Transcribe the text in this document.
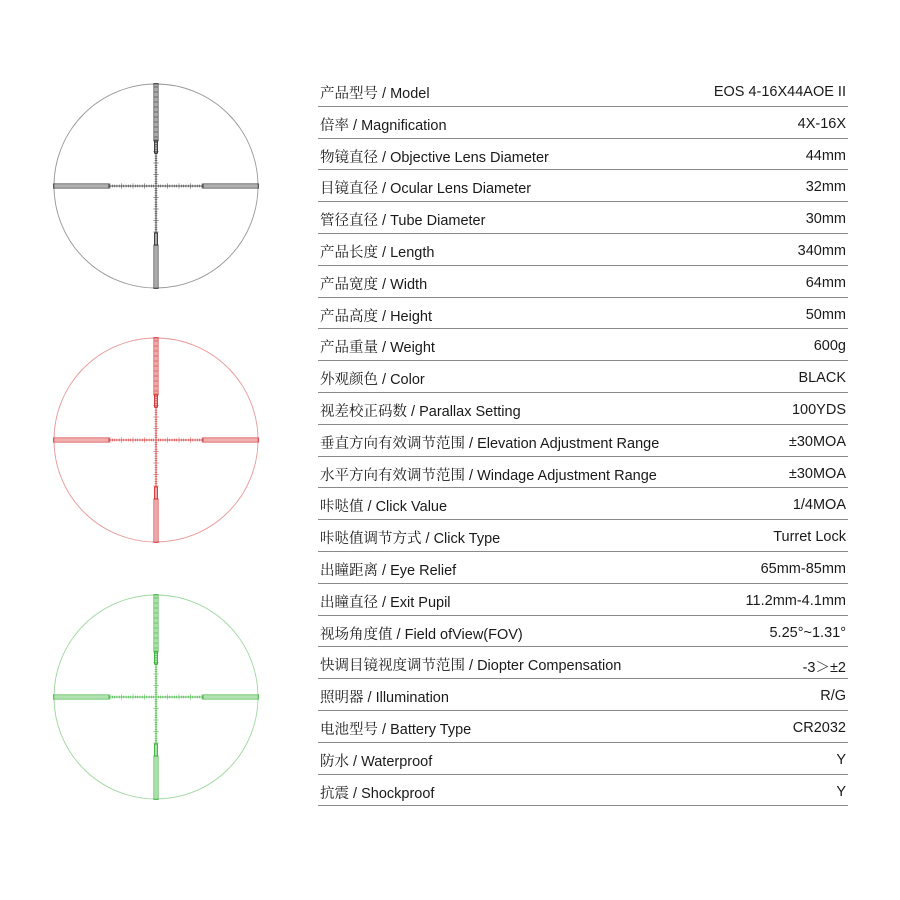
产品型号 / Model	EOS 4-16X44AOE II
倍率 / Magnification	4X-16X
物镜直径 / Objective Lens Diameter	44mm
目镜直径 / Ocular Lens Diameter	32mm
管径直径 / Tube Diameter	30mm
产品长度 / Length	340mm
产品宽度 / Width	64mm
产品高度 / Height	50mm
产品重量 / Weight	600g
外观颜色 / Color	BLACK
视差校正码数 / Parallax Setting	100YDS
垂直方向有效调节范围 / Elevation Adjustment Range	±30MOA
水平方向有效调节范围 / Windage Adjustment Range	±30MOA
咔哒值 / Click Value	1/4MOA
咔哒值调节方式 / Click Type	Turret Lock
出瞳距离 / Eye Relief	65mm-85mm
出瞳直径 / Exit Pupil	11.2mm-4.1mm
视场角度值 / Field ofView(FOV)	5.25°~1.31°
快调目镜视度调节范围 / Diopter Compensation	-3＞±2
照明器 / Illumination	R/G
电池型号 / Battery Type	CR2032
防水 / Waterproof	Y
抗震 / Shockproof	Y
